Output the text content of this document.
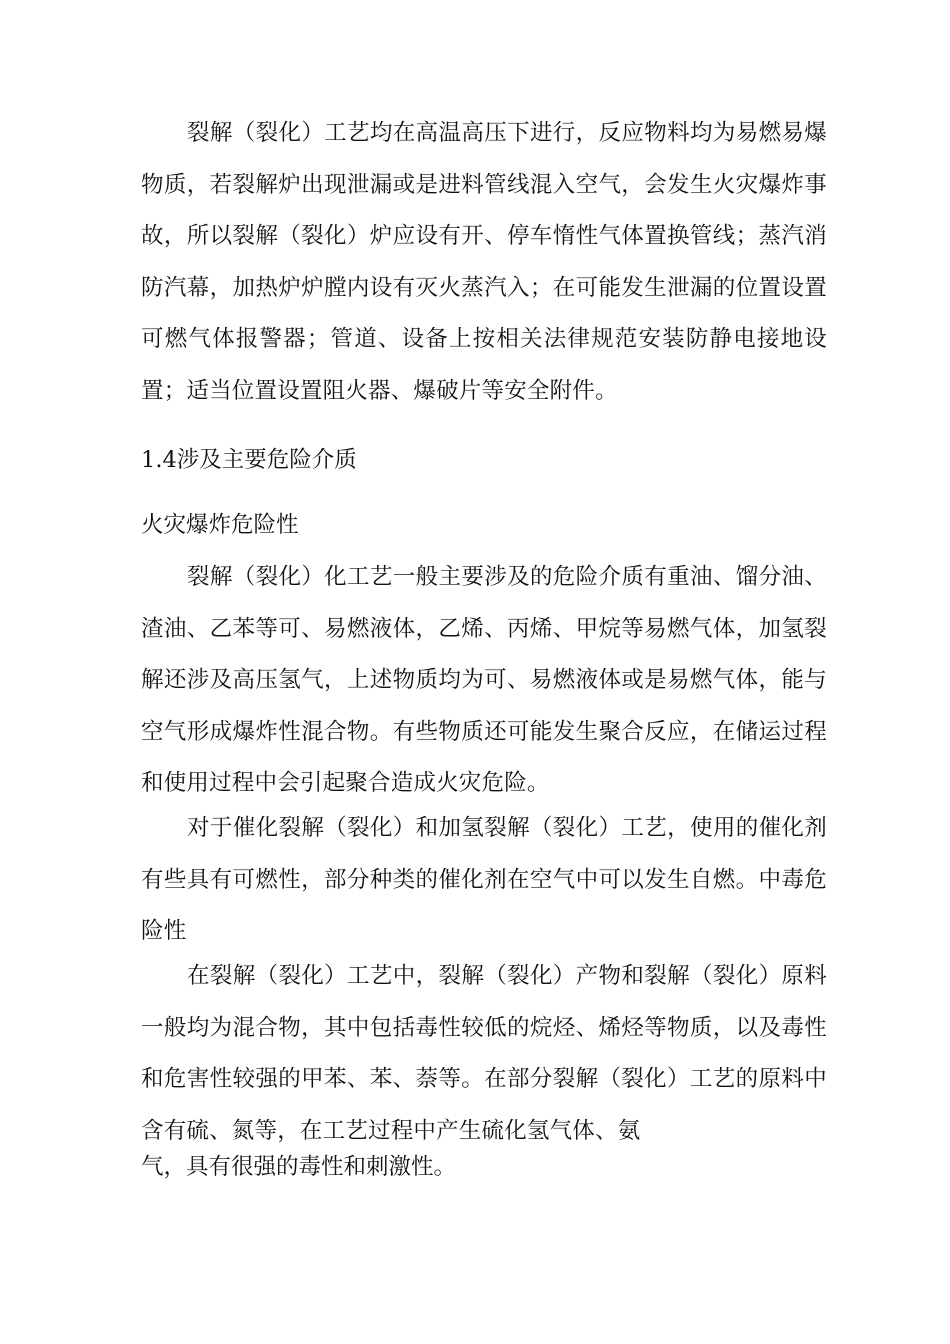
裂解（裂化）工艺均在高温高压下进行，反应物料均为易燃易爆物质，若裂解炉出现泄漏或是进料管线混入空气，会发生火灾爆炸事故，所以裂解（裂化）炉应设有开、停车惰性气体置换管线；蒸汽消防汽幕，加热炉炉膛内设有灭火蒸汽入；在可能发生泄漏的位置设置可燃气体报警器；管道、设备上按相关法律规范安装防静电接地设置；适当位置设置阻火器、爆破片等安全附件。

1.4涉及主要危险介质

火灾爆炸危险性

裂解（裂化）化工艺一般主要涉及的危险介质有重油、馏分油、渣油、乙苯等可、易燃液体，乙烯、丙烯、甲烷等易燃气体，加氢裂解还涉及高压氢气，上述物质均为可、易燃液体或是易燃气体，能与空气形成爆炸性混合物。有些物质还可能发生聚合反应，在储运过程和使用过程中会引起聚合造成火灾危险。

对于催化裂解（裂化）和加氢裂解（裂化）工艺，使用的催化剂有些具有可燃性，部分种类的催化剂在空气中可以发生自燃。中毒危险性

在裂解（裂化）工艺中，裂解（裂化）产物和裂解（裂化）原料一般均为混合物，其中包括毒性较低的烷烃、烯烃等物质，以及毒性和危害性较强的甲苯、苯、萘等。在部分裂解（裂化）工艺的原料中含有硫、氮等，在工艺过程中产生硫化氢气体、氨

气，具有很强的毒性和刺激性。
